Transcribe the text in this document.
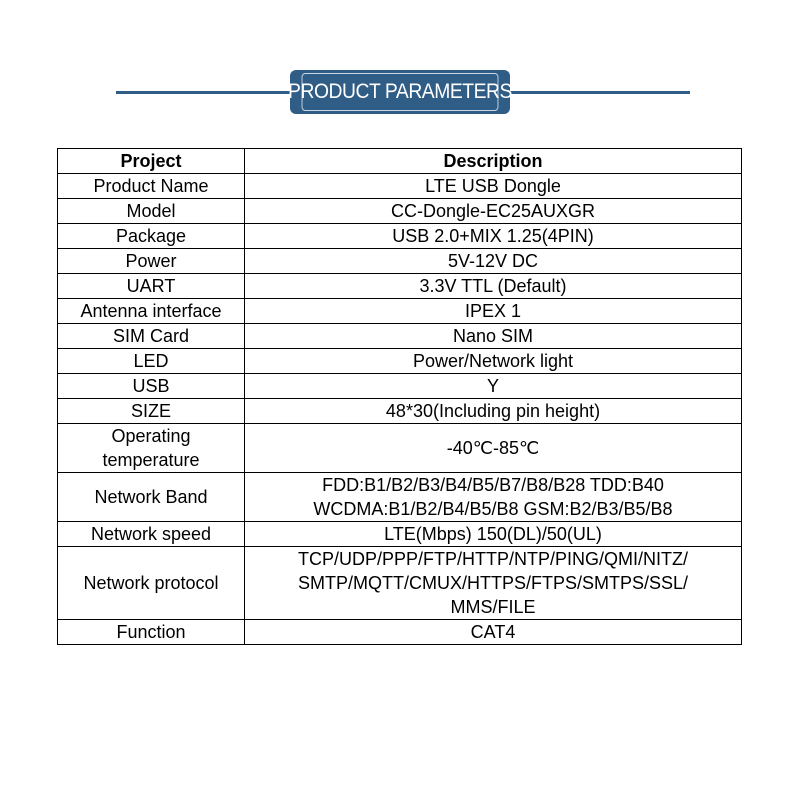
PRODUCT PARAMETERS
Project	Description
Product Name	LTE USB Dongle

Model	CC-Dongle-EC25AUXGR

Package	USB 2.0+MIX 1.25(4PIN)

Power	5V-12V DC

UART	3.3V TTL (Default)

Antenna interface	IPEX 1

SIM Card	Nano SIM

LED	Power/Network light

USB	Y

SIZE	48*30(Including pin height)

Operating temperature	-40℃-85℃

Network Band	FDD:B1/B2/B3/B4/B5/B7/B8/B28 TDD:B40
WCDMA:B1/B2/B4/B5/B8 GSM:B2/B3/B5/B8

Network speed	LTE(Mbps) 150(DL)/50(UL)

Network protocol	TCP/UDP/PPP/FTP/HTTP/NTP/PING/QMI/NITZ/
SMTP/MQTT/CMUX/HTTPS/FTPS/SMTPS/SSL/
MMS/FILE

Function	CAT4
